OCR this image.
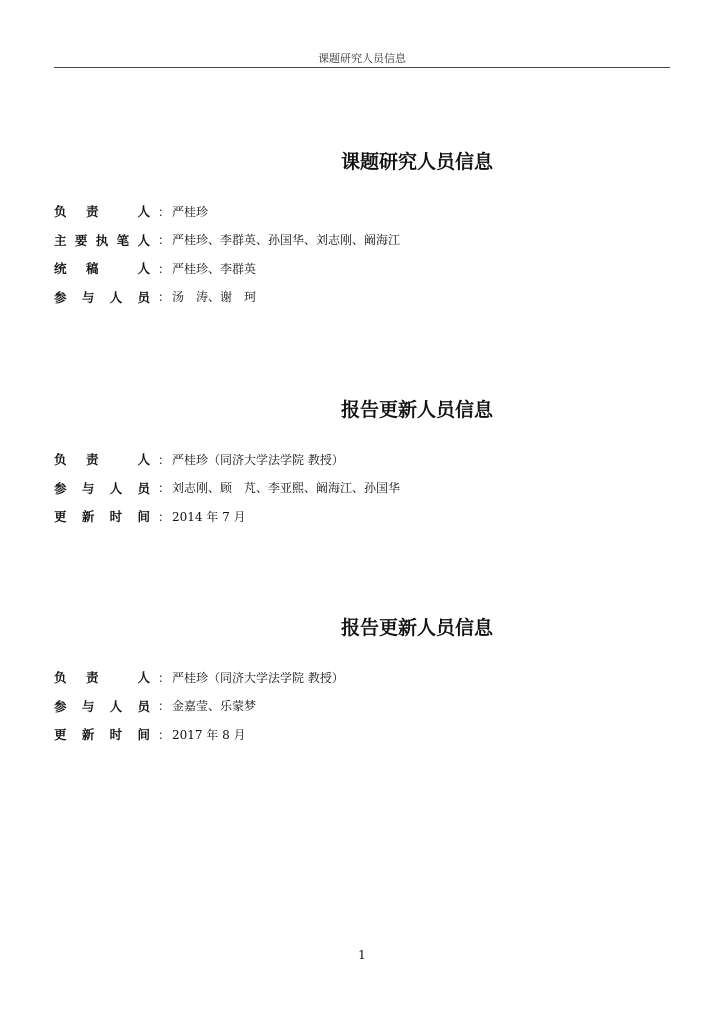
课题研究人员信息
课题研究人员信息
负 责	人 ： 严桂珍
主 要 执 笔 人 ： 严桂珍、李群英、孙国华、刘志刚、阚海江
统 稿	人 ： 严桂珍、李群英
参 与 人 员 ： 汤　涛、谢　珂
报告更新人员信息
负 责	人 ： 严桂珍（同济大学法学院 教授）
参 与 人 员 ： 刘志刚、顾　芃、李亚熙、阚海江、孙国华
更 新 时 间 ： 2014 年 7 月
报告更新人员信息
负 责	人 ： 严桂珍（同济大学法学院 教授）
参 与 人 员 ： 金嘉莹、乐蒙梦
更 新 时 间 ： 2017 年 8 月
1
